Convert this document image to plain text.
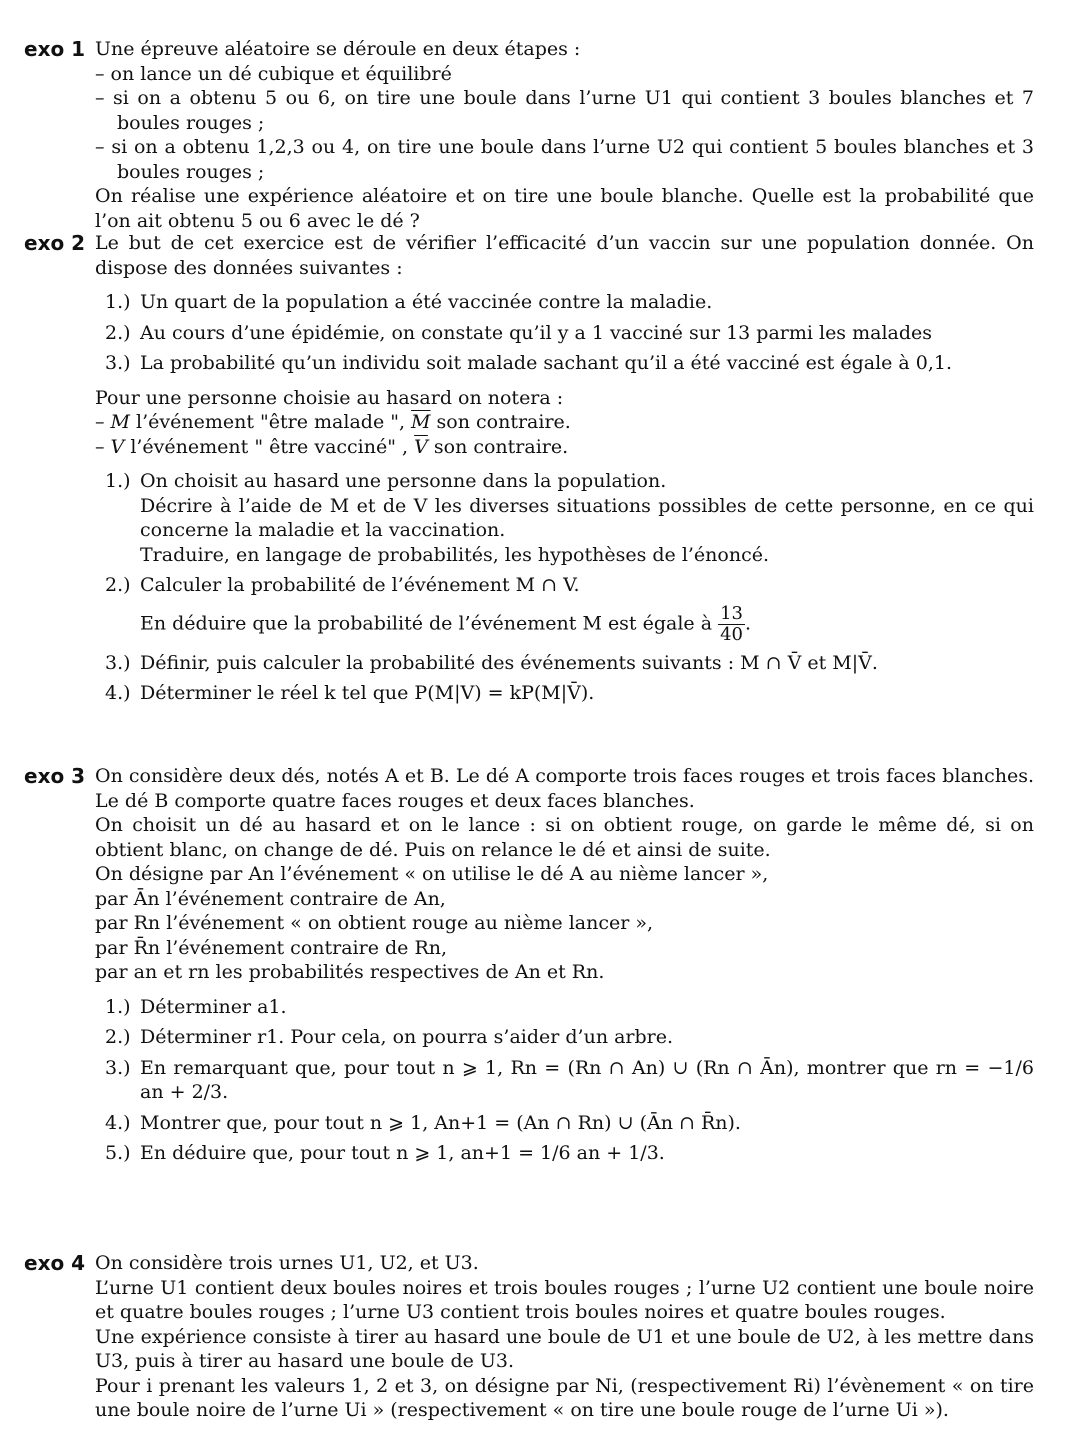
exo 1 Une épreuve aléatoire se déroule en deux étapes :

– on lance un dé cubique et équilibré
– si on a obtenu 5 ou 6, on tire une boule dans l’urne U1 qui contient 3 boules blanches et 7 boules rouges ;
– si on a obtenu 1,2,3 ou 4, on tire une boule dans l’urne U2 qui contient 5 boules blanches et 3 boules rouges ;

On réalise une expérience aléatoire et on tire une boule blanche. Quelle est la probabilité que l’on ait obtenu 5 ou 6 avec le dé ?

exo 2 Le but de cet exercice est de vérifier l’efficacité d’un vaccin sur une population donnée. On dispose des données suivantes :

1.) Un quart de la population a été vaccinée contre la maladie.
2.) Au cours d’une épidémie, on constate qu’il y a 1 vacciné sur 13 parmi les malades
3.) La probabilité qu’un individu soit malade sachant qu’il a été vacciné est égale à 0,1.

Pour une personne choisie au hasard on notera :

– M l’événement "être malade ", $\overline{M}$ son contraire.
– V l’événement " être vacciné" , $\overline{V}$ son contraire.
1.) On choisit au hasard une personne dans la population.
Décrire à l’aide de M et de V les diverses situations possibles de cette personne, en ce qui concerne la maladie et la vaccination.
Traduire, en langage de probabilités, les hypothèses de l’énoncé.
2.) Calculer la probabilité de l’événement M ∩ V.
En déduire que la probabilité de l’événement M est égale à $\frac{13}{40}$ .
3.) Définir, puis calculer la probabilité des événements suivants : M ∩ V̄ et M|V̄.
4.) Déterminer le réel k tel que P(M|V) = kP(M|V̄).
exo 3 On considère deux dés, notés A et B. Le dé A comporte trois faces rouges et trois faces blanches. Le dé B comporte quatre faces rouges et deux faces blanches.

On choisit un dé au hasard et on le lance : si on obtient rouge, on garde le même dé, si on obtient blanc, on change de dé. Puis on relance le dé et ainsi de suite.

On désigne par An l’événement « on utilise le dé A au nième lancer »,

par Ān l’événement contraire de An,

par Rn l’événement « on obtient rouge au nième lancer »,

par R̄n l’événement contraire de Rn,

par an et rn les probabilités respectives de An et Rn.

1.) Déterminer a1.
2.) Déterminer r1. Pour cela, on pourra s’aider d’un arbre.
3.) En remarquant que, pour tout n ⩾ 1, Rn = (Rn ∩ An) ∪ (Rn ∩ Ān), montrer que rn = −1/6 an + 2/3.
4.) Montrer que, pour tout n ⩾ 1, An+1 = (An ∩ Rn) ∪ (Ān ∩ R̄n).
5.) En déduire que, pour tout n ⩾ 1, an+1 = 1/6 an + 1/3.
exo 4 On considère trois urnes U1, U2, et U3.

L’urne U1 contient deux boules noires et trois boules rouges ; l’urne U2 contient une boule noire et quatre boules rouges ; l’urne U3 contient trois boules noires et quatre boules rouges.

Une expérience consiste à tirer au hasard une boule de U1 et une boule de U2, à les mettre dans U3, puis à tirer au hasard une boule de U3.

Pour i prenant les valeurs 1, 2 et 3, on désigne par Ni, (respectivement Ri) l’évènement « on tire une boule noire de l’urne Ui » (respectivement « on tire une boule rouge de l’urne Ui »).
